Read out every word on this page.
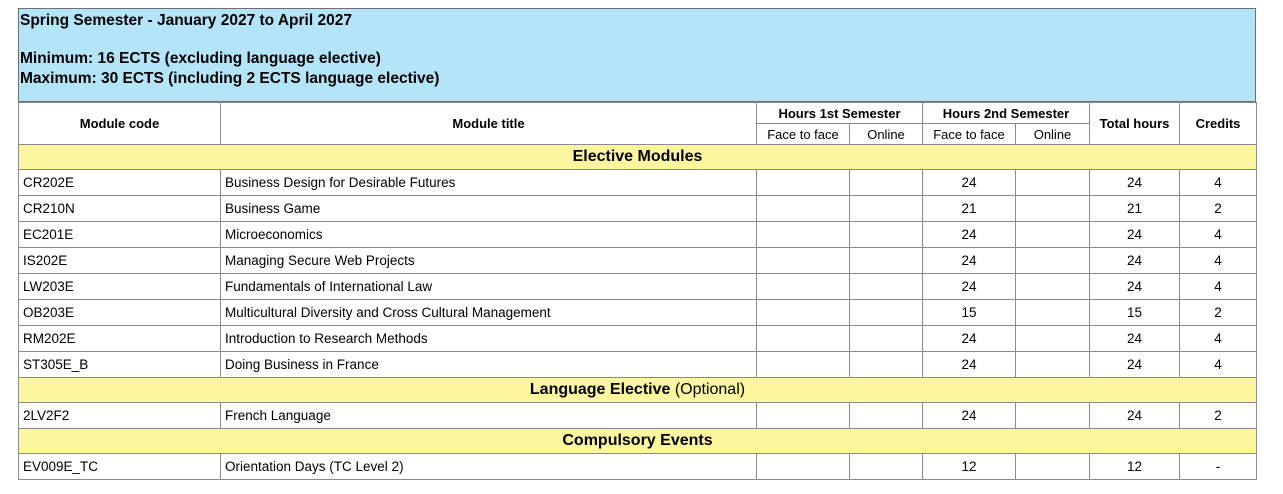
Spring Semester - January 2027 to April 2027
Minimum: 16 ECTS (excluding language elective)
Maximum: 30 ECTS (including 2 ECTS language elective)
Module code	Module title	Hours 1st Semester		Hours 2nd Semester		Total hours	Credits
		Face to face	Online	Face to face	Online		
Elective Modules							
CR202E	Business Design for Desirable Futures			24		24	4
CR210N	Business Game			21		21	2
EC201E	Microeconomics			24		24	4
IS202E	Managing Secure Web Projects			24		24	4
LW203E	Fundamentals of International Law			24		24	4
OB203E	Multicultural Diversity and Cross Cultural Management			15		15	2
RM202E	Introduction to Research Methods			24		24	4
ST305E_B	Doing Business in France			24		24	4
Language Elective (Optional)							
2LV2F2	French Language			24		24	2
Compulsory Events							
EV009E_TC	Orientation Days (TC Level 2)			12		12	-
